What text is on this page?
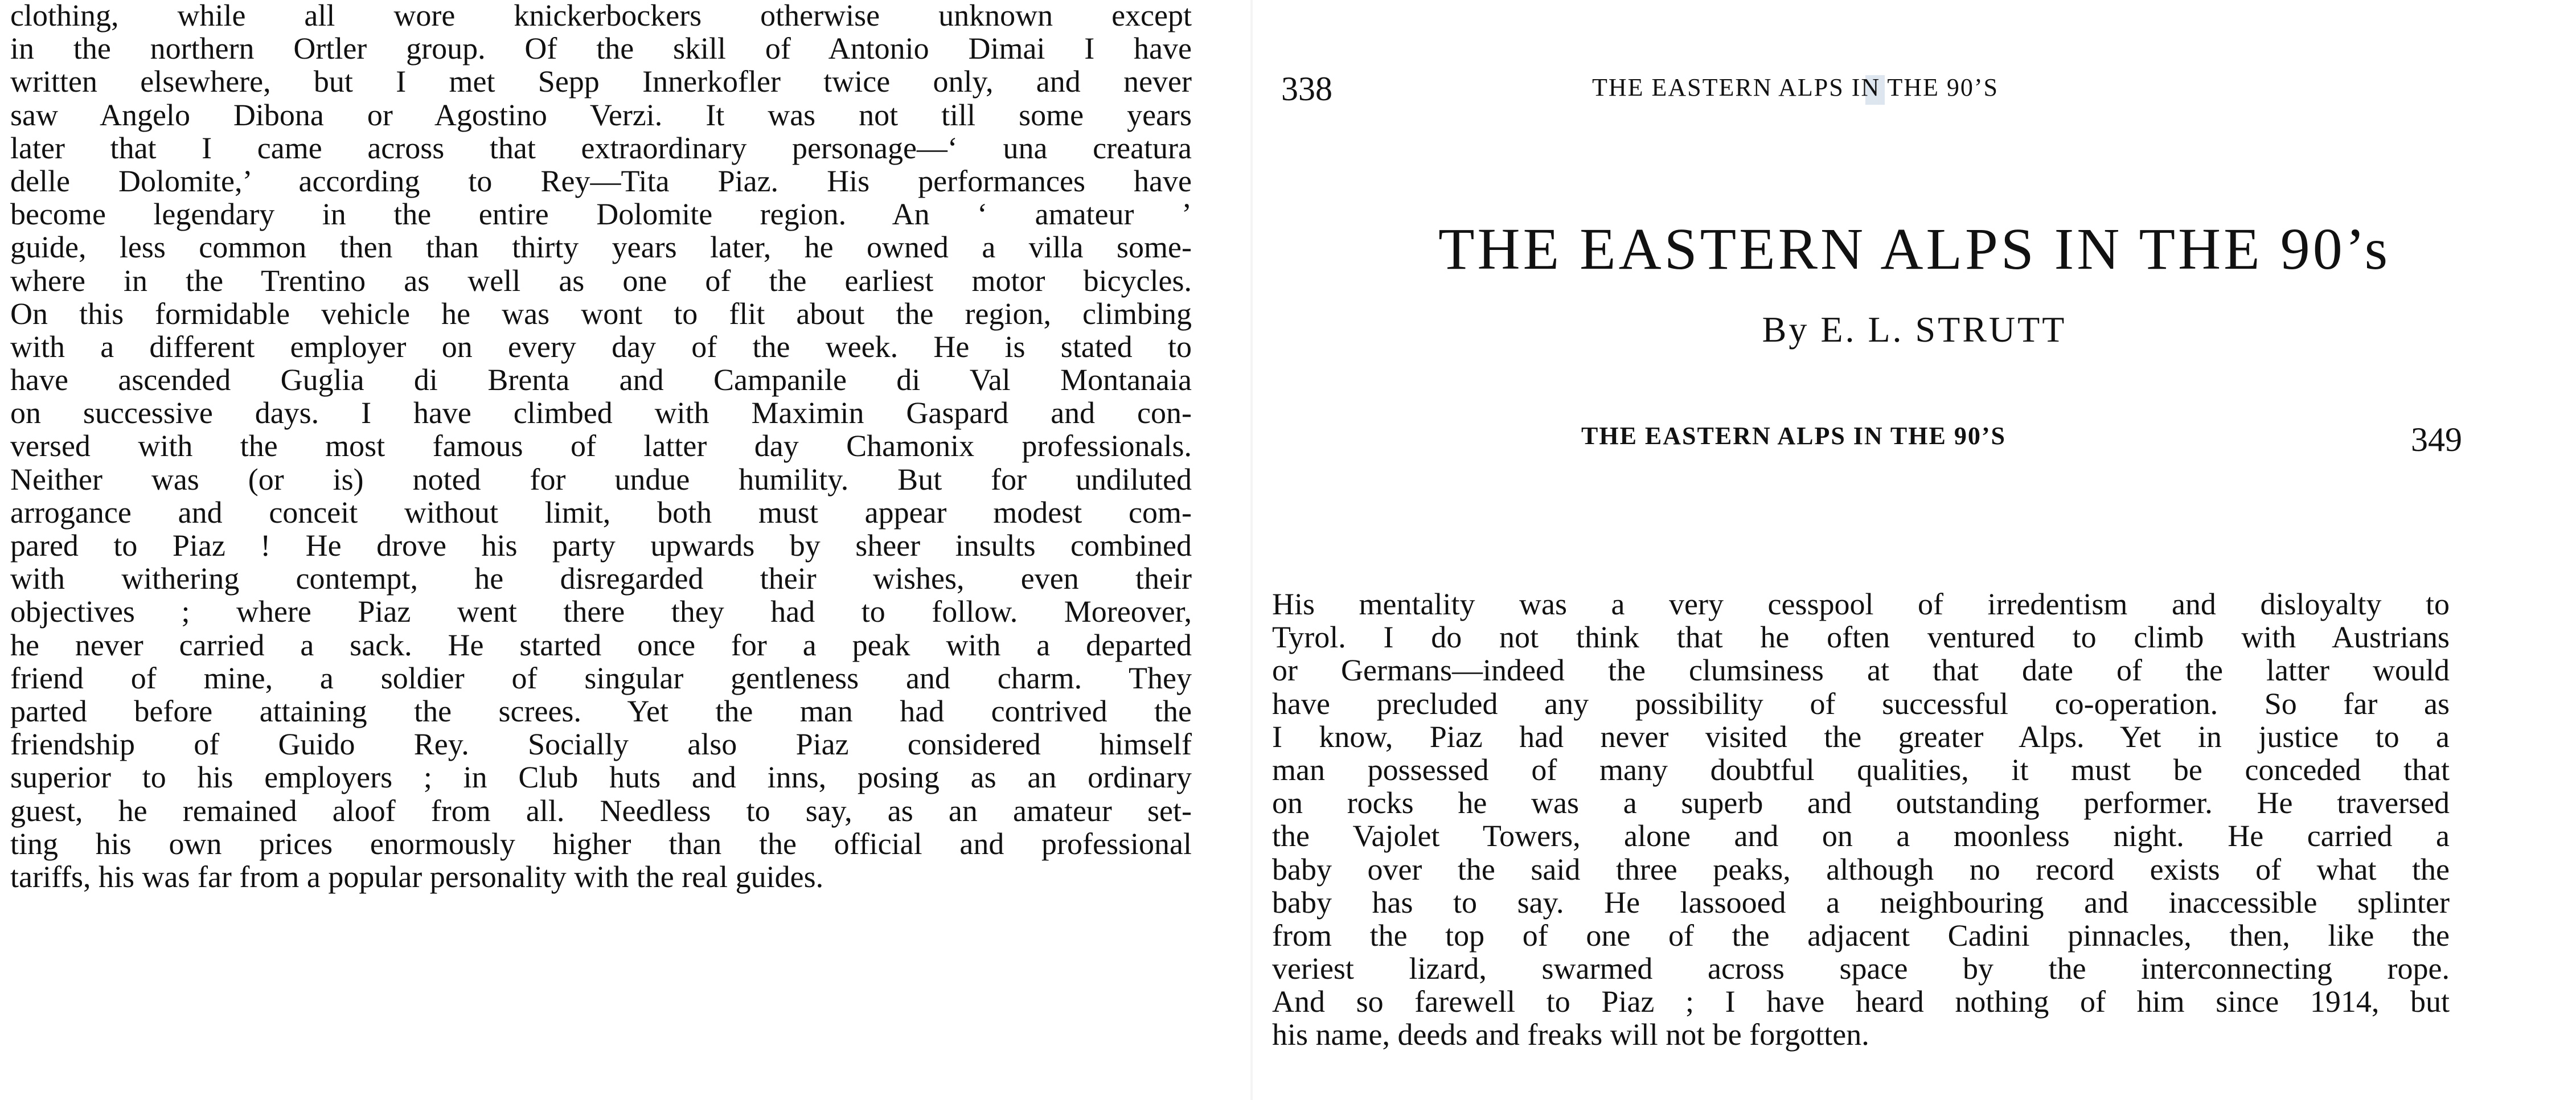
clothing, while all wore knickerbockers otherwise unknown except
in the northern Ortler group. Of the skill of Antonio Dimai I have
written elsewhere, but I met Sepp Innerkofler twice only, and never
saw Angelo Dibona or Agostino Verzi. It was not till some years
later that I came across that extraordinary personage—‘ una creatura
delle Dolomite,’ according to Rey—Tita Piaz. His performances have
become legendary in the entire Dolomite region. An ‘ amateur ’
guide, less common then than thirty years later, he owned a villa some-
where in the Trentino as well as one of the earliest motor bicycles.
On this formidable vehicle he was wont to flit about the region, climbing
with a different employer on every day of the week. He is stated to
have ascended Guglia di Brenta and Campanile di Val Montanaia
on successive days. I have climbed with Maximin Gaspard and con-
versed with the most famous of latter day Chamonix professionals.
Neither was (or is) noted for undue humility. But for undiluted
arrogance and conceit without limit, both must appear modest com-
pared to Piaz ! He drove his party upwards by sheer insults combined
with withering contempt, he disregarded their wishes, even their
objectives ; where Piaz went there they had to follow. Moreover,
he never carried a sack. He started once for a peak with a departed
friend of mine, a soldier of singular gentleness and charm. They
parted before attaining the screes. Yet the man had contrived the
friendship of Guido Rey. Socially also Piaz considered himself
superior to his employers ; in Club huts and inns, posing as an ordinary
guest, he remained aloof from all. Needless to say, as an amateur set-
ting his own prices enormously higher than the official and professional
tariffs, his was far from a popular personality with the real guides.
338	THE EASTERN ALPS IN THE 90’S
THE EASTERN ALPS IN THE 90’s
By E. L. STRUTT
THE EASTERN ALPS IN THE 90’S	349
His mentality was a very cesspool of irredentism and disloyalty to
Tyrol. I do not think that he often ventured to climb with Austrians
or Germans—indeed the clumsiness at that date of the latter would
have precluded any possibility of successful co-operation. So far as
I know, Piaz had never visited the greater Alps. Yet in justice to a
man possessed of many doubtful qualities, it must be conceded that
on rocks he was a superb and outstanding performer. He traversed
the Vajolet Towers, alone and on a moonless night. He carried a
baby over the said three peaks, although no record exists of what the
baby has to say. He lassooed a neighbouring and inaccessible splinter
from the top of one of the adjacent Cadini pinnacles, then, like the
veriest lizard, swarmed across space by the interconnecting rope.
And so farewell to Piaz ; I have heard nothing of him since 1914, but
his name, deeds and freaks will not be forgotten.
